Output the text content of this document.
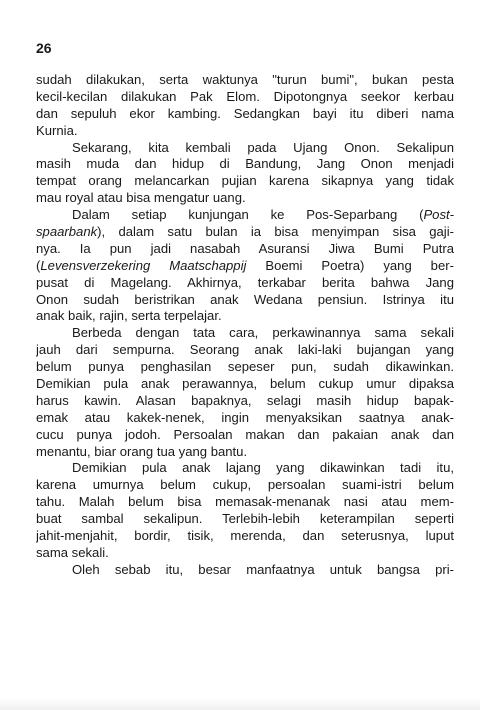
26
sudah dilakukan, serta waktunya "turun bumi", bukan pesta
kecil-kecilan dilakukan Pak Elom. Dipotongnya seekor kerbau
dan sepuluh ekor kambing. Sedangkan bayi itu diberi nama
Kurnia.
Sekarang, kita kembali pada Ujang Onon. Sekalipun
masih muda dan hidup di Bandung, Jang Onon menjadi
tempat orang melancarkan pujian karena sikapnya yang tidak
mau royal atau bisa mengatur uang.
Dalam setiap kunjungan ke Pos-Separbang (Post-
spaarbank), dalam satu bulan ia bisa menyimpan sisa gaji-
nya. Ia pun jadi nasabah Asuransi Jiwa Bumi Putra
(Levensverzekering Maatschappij Boemi Poetra) yang ber-
pusat di Magelang. Akhirnya, terkabar berita bahwa Jang
Onon sudah beristrikan anak Wedana pensiun. Istrinya itu
anak baik, rajin, serta terpelajar.
Berbeda dengan tata cara, perkawinannya sama sekali
jauh dari sempurna. Seorang anak laki-laki bujangan yang
belum punya penghasilan sepeser pun, sudah dikawinkan.
Demikian pula anak perawannya, belum cukup umur dipaksa
harus kawin. Alasan bapaknya, selagi masih hidup bapak-
emak atau kakek-nenek, ingin menyaksikan saatnya anak-
cucu punya jodoh. Persoalan makan dan pakaian anak dan
menantu, biar orang tua yang bantu.
Demikian pula anak lajang yang dikawinkan tadi itu,
karena umurnya belum cukup, persoalan suami-istri belum
tahu. Malah belum bisa memasak-menanak nasi atau mem-
buat sambal sekalipun. Terlebih-lebih keterampilan seperti
jahit-menjahit, bordir, tisik, merenda, dan seterusnya, luput
sama sekali.
Oleh sebab itu, besar manfaatnya untuk bangsa pri-
